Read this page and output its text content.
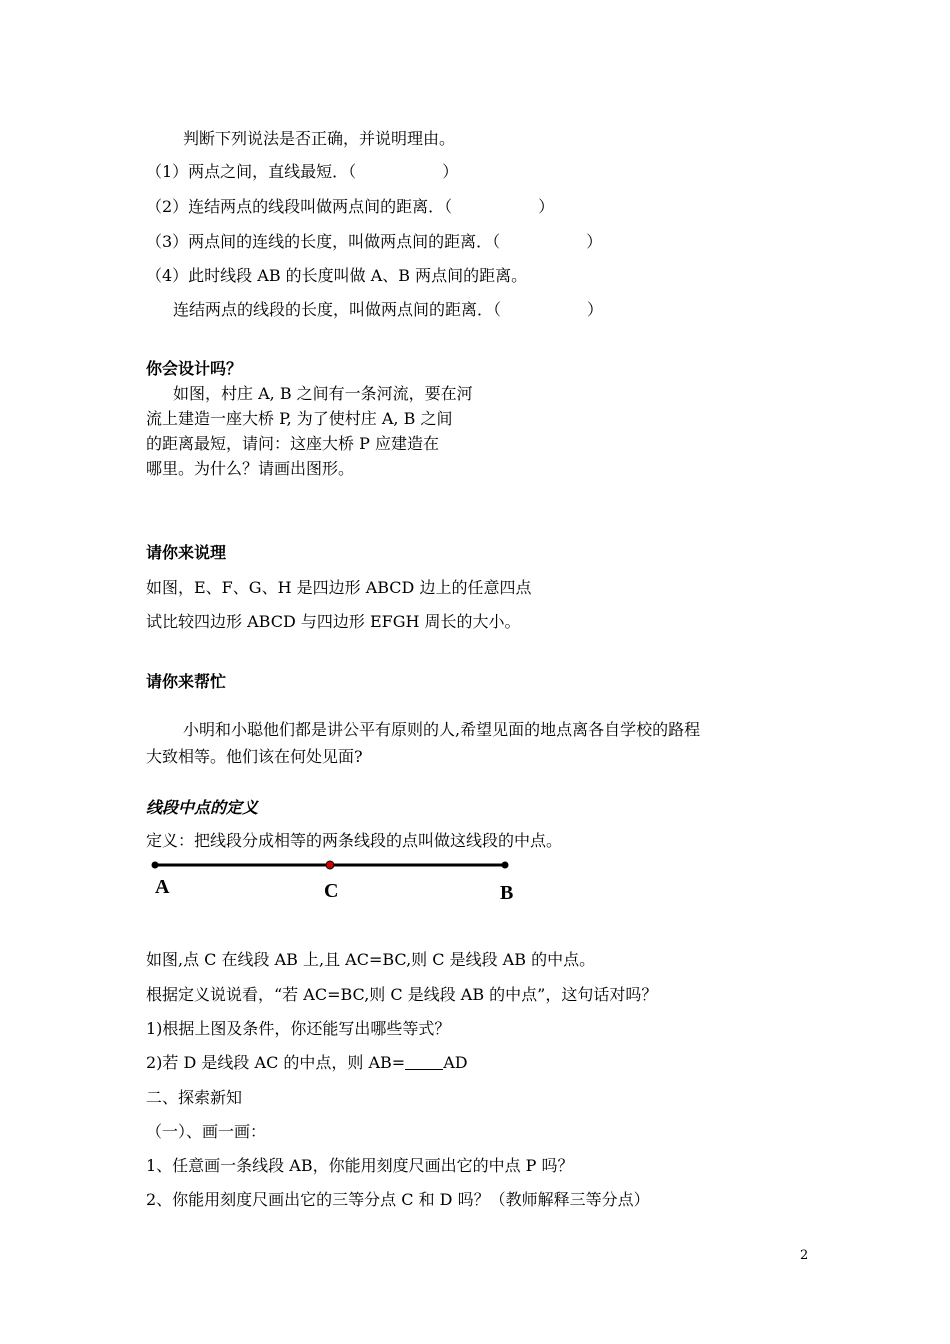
判断下列说法是否正确，并说明理由。
（1）两点之间，直线最短．（	）
（2）连结两点的线段叫做两点间的距离．（	）
（3）两点间的连线的长度，叫做两点间的距离．（	）
（4）此时线段 AB 的长度叫做 A、B 两点间的距离。
连结两点的线段的长度，叫做两点间的距离．（	）
你会设计吗？
如图，村庄 A, B 之间有一条河流，要在河
流上建造一座大桥 P, 为了使村庄 A, B 之间
的距离最短，请问：这座大桥 P 应建造在
哪里。为什么？请画出图形。
请你来说理
如图，E、F、G、H 是四边形 ABCD 边上的任意四点
试比较四边形 ABCD 与四边形 EFGH 周长的大小。
请你来帮忙
小明和小聪他们都是讲公平有原则的人,希望见面的地点离各自学校的路程
大致相等。他们该在何处见面?
线段中点的定义
定义：把线段分成相等的两条线段的点叫做这线段的中点。
A	C	B
如图,点 C 在线段 AB 上,且 AC=BC,则 C 是线段 AB 的中点。
根据定义说说看，“若 AC=BC,则 C 是线段 AB 的中点”，这句话对吗？
1)根据上图及条件，你还能写出哪些等式？
2)若 D 是线段 AC 的中点，则 AB= AD
二、探索新知
（一）、画一画：
1、任意画一条线段 AB，你能用刻度尺画出它的中点 P 吗？
2、你能用刻度尺画出它的三等分点 C 和 D 吗？（教师解释三等分点）
2
